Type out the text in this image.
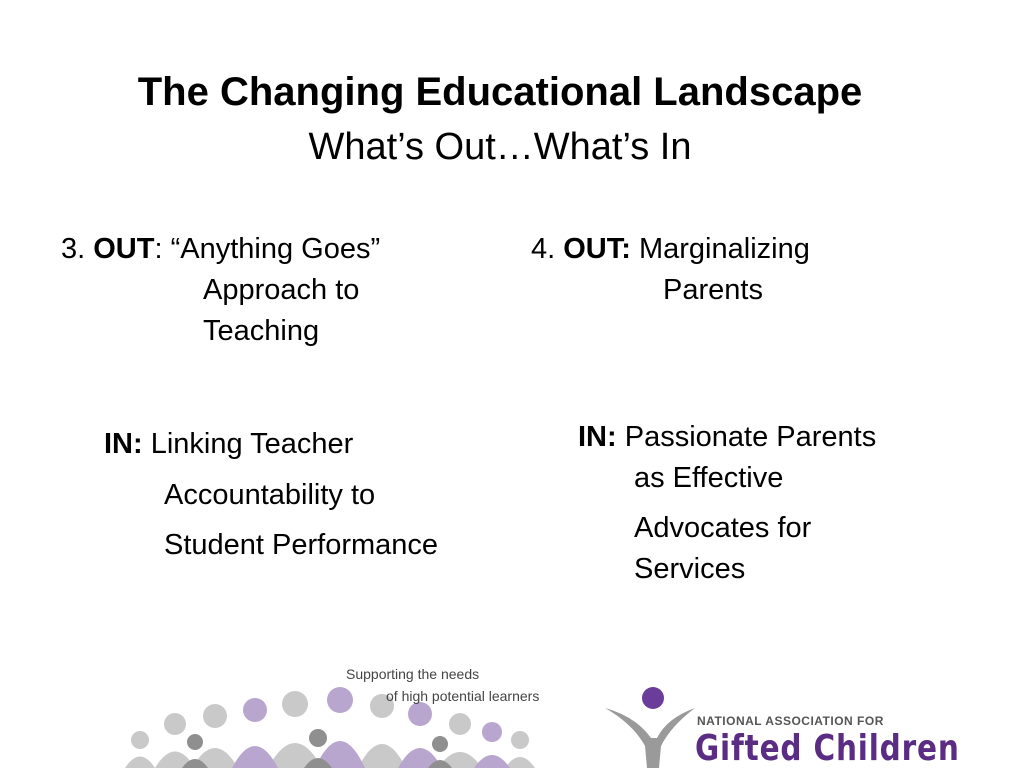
The Changing Educational Landscape
What’s Out…What’s In
3. OUT: “Anything Goes”
Approach to
Teaching
4. OUT: Marginalizing
Parents
IN: Linking Teacher
Accountability to
Student Performance
IN: Passionate Parents
as Effective
Advocates for
Services
Supporting the needs
of high potential learners
NATIONAL ASSOCIATION FOR
Gifted Children
